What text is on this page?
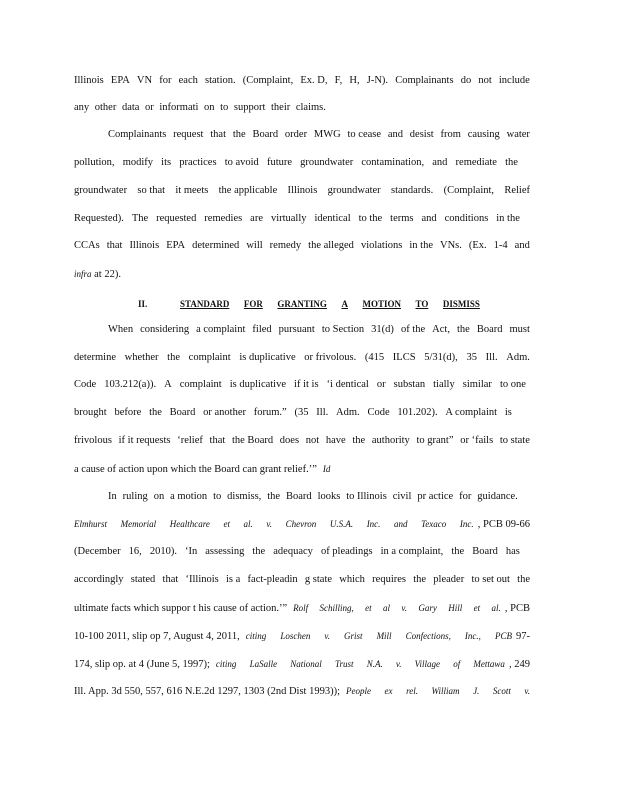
Illinois EPA VN for each station. (Complaint, Ex. D, F, H, J-N). Complainants do not include
any other data or informati on to support their claims.
Complainants request that the Board order MWG to cease and desist from causing water
pollution, modify its practices to avoid future groundwater contamination, and remediate the
groundwater so that it meets the applicable Illinois groundwater standards. (Complaint, Relief
Requested). The requested remedies are virtually identical to the terms and conditions in the
CCAs that Illinois EPA determined will remedy the alleged violations in the VNs. (Ex. 1-4 and
infra at 22).
II.	STANDARD FOR GRANTING A MOTION TO DISMISS
When considering a complaint filed pursuant to Section 31(d) of the Act, the Board must
determine whether the complaint is duplicative or frivolous. (415 ILCS 5/31(d), 35 Ill. Adm.
Code 103.212(a)). A complaint is duplicative if it is ‘i dentical or substan tially similar to one
brought before the Board or another forum.” (35 Ill. Adm. Code 101.202). A complaint is
frivolous if it requests ‘relief that the Board does not have the authority to grant” or ‘fails to state
a cause of action upon which the Board can grant relief.’” Id
In ruling on a motion to dismiss, the Board looks to Illinois civil pr actice for guidance.
Elmhurst Memorial Healthcare et al. v. Chevron U.S.A. Inc. and Texaco Inc. , PCB 09-66
(December 16, 2010). ‘In assessing the adequacy of pleadings in a complaint, the Board has
accordingly stated that ‘Illinois is a fact-pleadin g state which requires the pleader to set out the
ultimate facts which suppor t his cause of action.’” Rolf Schilling, et al v. Gary Hill et al. , PCB
10-100 2011, slip op 7, August 4, 2011, citing Loschen v. Grist Mill Confections, Inc., PCB 97-
174, slip op. at 4 (June 5, 1997); citing LaSalle National Trust N.A. v. Village of Mettawa , 249
Ill. App. 3d 550, 557, 616 N.E.2d 1297, 1303 (2nd Dist 1993)); People ex rel. William J. Scott v.
